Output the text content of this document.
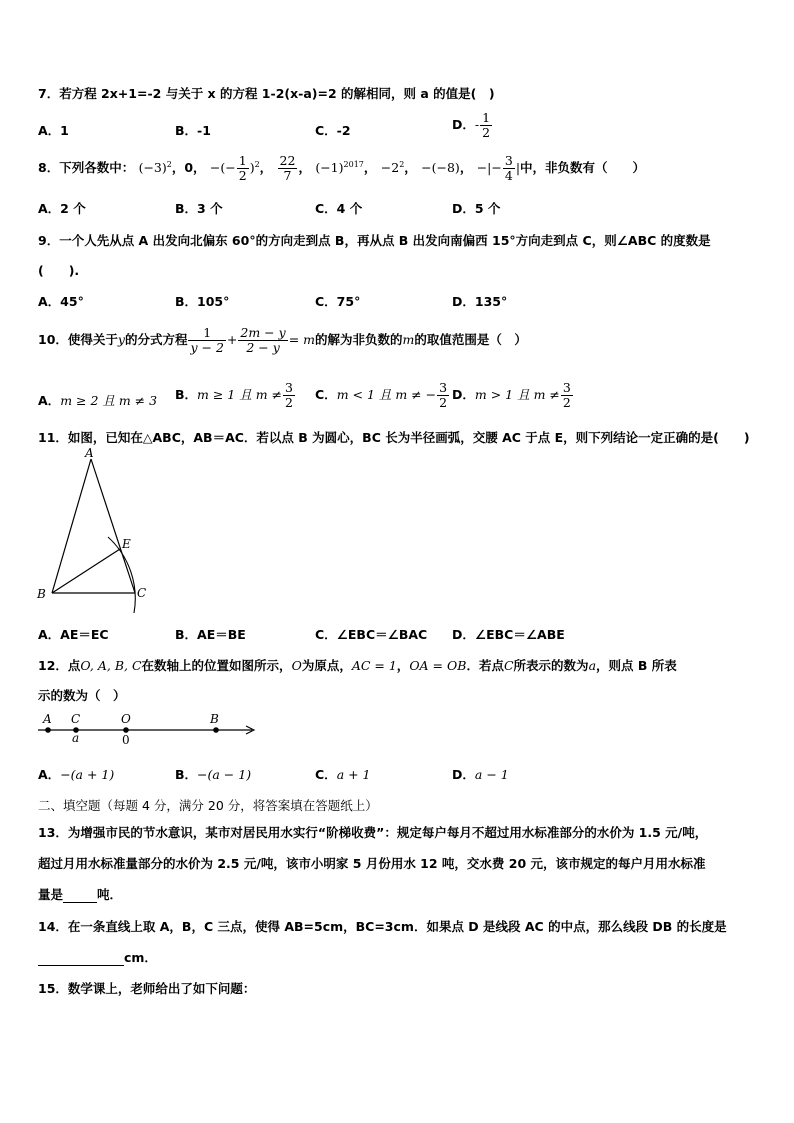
7．若方程 2x+1=-2 与关于 x 的方程 1-2(x-a)=2 的解相同，则 a 的值是(　)
A．1	B．-1	C．-2	D．- $\frac{1}{2}$
8．下列各数中： $(-3)^2$，0， −(− $\frac{1}{2} )^2$， $\frac{22}{7}$ ， $(-1)^{2017}$， $-2^2$， −(−8)， −|− $\frac{3}{4}$ |中，非负数有（　　）
A．2 个	B．3 个	C．4 个	D．5 个
9．一个人先从点 A 出发向北偏东 60°的方向走到点 B，再从点 B 出发向南偏西 15°方向走到点 C，则∠ABC 的度数是
(　　).
A．45°	B．105°	C．75°	D．135°
10．使得关于y的分式方程 $\frac{1}{y - 2} + \frac{2m - y}{2 - y} = m$的解为非负数的m的取值范围是（　）
A．m ≥ 2 且 m ≠ 3 B．m ≥ 1 且 $m \ne \frac{3}{2}$ C．m < 1 且 m ≠ − $\frac{3}{2}$ D．m > 1 且 $m \ne \frac{3}{2}$
11．如图，已知在△ABC，AB＝AC．若以点 B 为圆心，BC 长为半径画弧，交腰 AC 于点 E，则下列结论一定正确的是(　　)
A
B	C
E
A．AE＝EC	B．AE＝BE	C．∠EBC＝∠BAC D．∠EBC＝∠ABE
12．点O, A, B, C在数轴上的位置如图所示，O为原点，AC = 1，OA = OB．若点C所表示的数为a，则点 B 所表
示的数为（　）
A C	O	B
a	0
A．−(a + 1)	B．−(a − 1)	C．a + 1	D．a − 1
二、填空题（每题 4 分，满分 20 分，将答案填在答题纸上）
13．为增强市民的节水意识，某市对居民用水实行“阶梯收费”：规定每户每月不超过用水标准部分的水价为 1.5 元/吨，
超过月用水标准量部分的水价为 2.5 元/吨，该市小明家 5 月份用水 12 吨，交水费 20 元，该市规定的每户月用水标准
量是	吨．
14．在一条直线上取 A，B，C 三点，使得 AB=5cm，BC=3cm．如果点 D 是线段 AC 的中点，那么线段 DB 的长度是
cm．
15．数学课上，老师给出了如下问题：
